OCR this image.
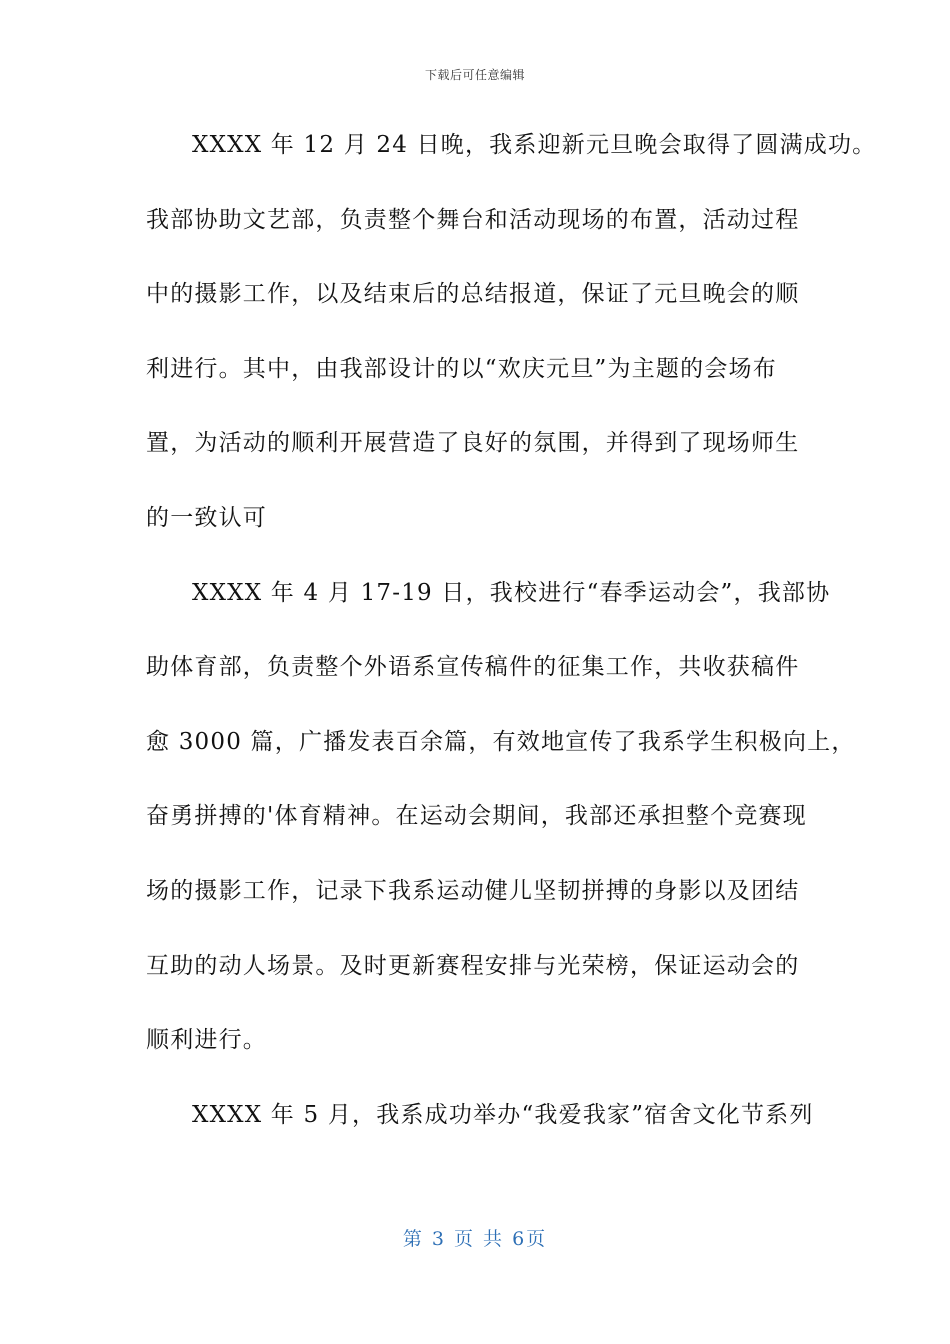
下载后可任意编辑
XXXX 年 12 月 24 日晚，我系迎新元旦晚会取得了圆满成功。
我部协助文艺部，负责整个舞台和活动现场的布置，活动过程
中的摄影工作，以及结束后的总结报道，保证了元旦晚会的顺
利进行。其中，由我部设计的以“欢庆元旦”为主题的会场布
置，为活动的顺利开展营造了良好的氛围，并得到了现场师生
的一致认可
XXXX 年 4 月 17-19 日，我校进行“春季运动会”，我部协
助体育部，负责整个外语系宣传稿件的征集工作，共收获稿件
愈 3000 篇，广播发表百余篇，有效地宣传了我系学生积极向上，
奋勇拼搏的'体育精神。在运动会期间，我部还承担整个竞赛现
场的摄影工作，记录下我系运动健儿坚韧拼搏的身影以及团结
互助的动人场景。及时更新赛程安排与光荣榜，保证运动会的
顺利进行。
XXXX 年 5 月，我系成功举办“我爱我家”宿舍文化节系列
第 3 页 共 6页
